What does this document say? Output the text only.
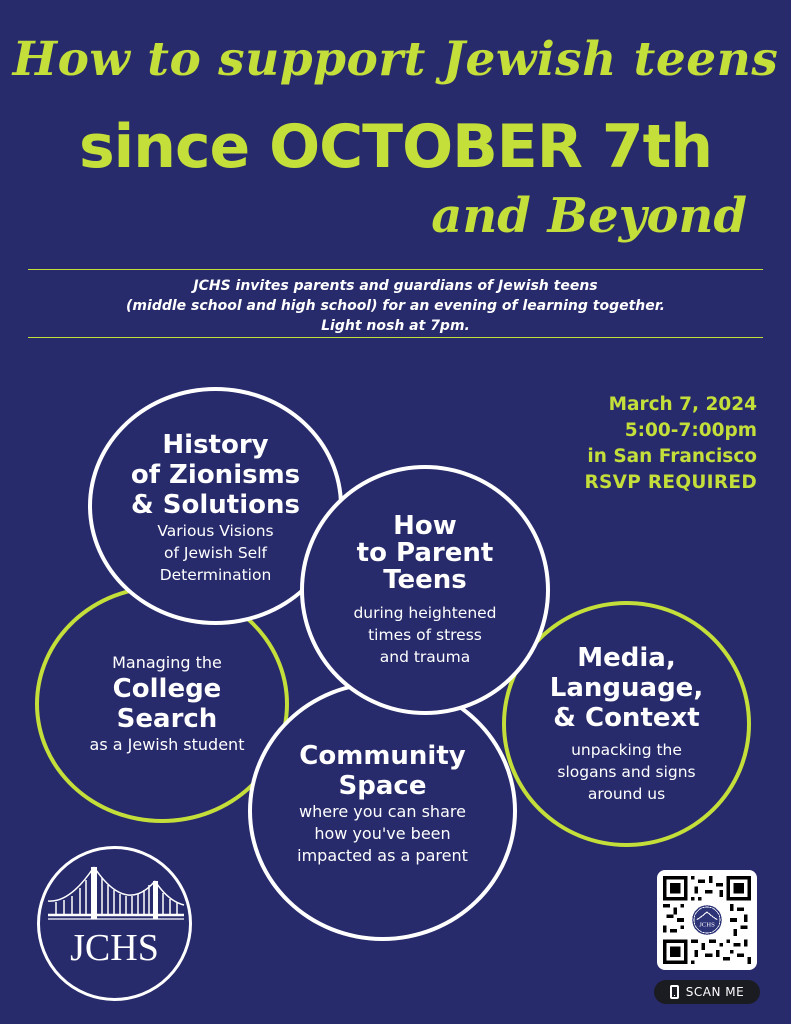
How to support Jewish teens
since OCTOBER 7th
and Beyond
JCHS invites parents and guardians of Jewish teens
(middle school and high school) for an evening of learning together.
Light nosh at 7pm.
March 7, 2024
5:00-7:00pm
in San Francisco
RSVP REQUIRED
Managing the
College
Search
as a Jewish student
Media,
Language,
& Context
unpacking the
slogans and signs
around us
Community
Space
where you can share
how you've been
impacted as a parent
History
of Zionisms
& Solutions
Various Visions
of Jewish Self
Determination
How
to Parent
Teens
during heightened
times of stress
and trauma
JCHS
JCHS
SCAN ME
